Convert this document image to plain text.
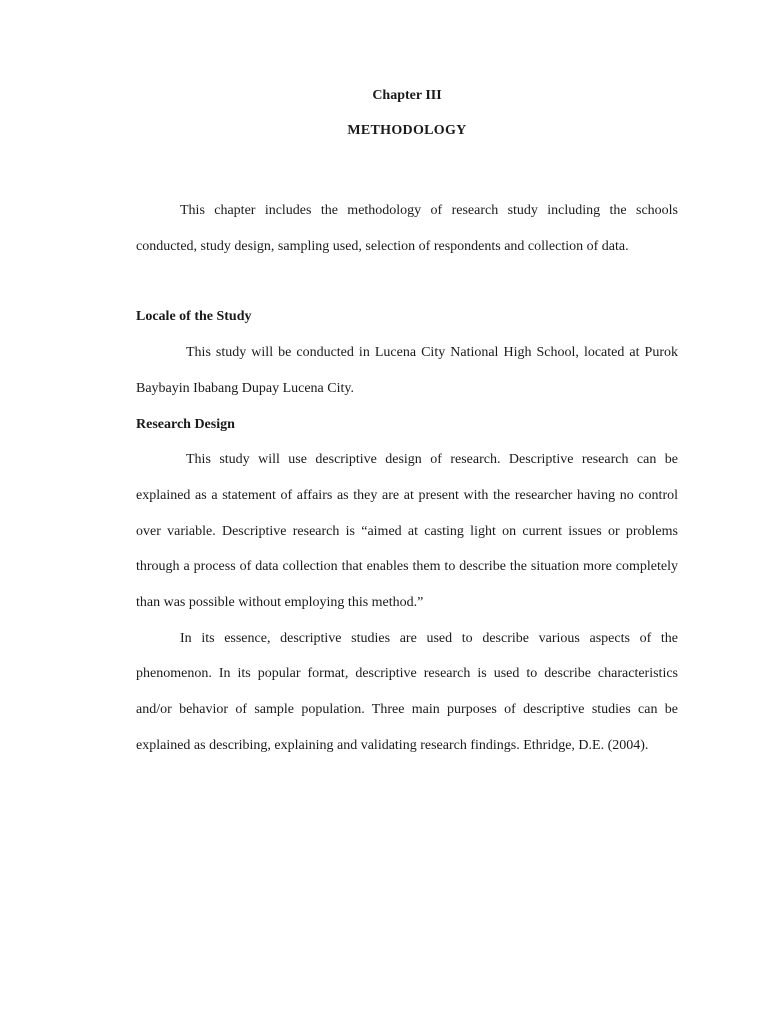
Chapter III
METHODOLOGY

This chapter includes the methodology of research study including the schools conducted, study design, sampling used, selection of respondents and collection of data.

Locale of the Study

This study will be conducted in Lucena City National High School, located at Purok Baybayin Ibabang Dupay Lucena City.

Research Design

This study will use descriptive design of research. Descriptive research can be explained as a statement of affairs as they are at present with the researcher having no control over variable. Descriptive research is “aimed at casting light on current issues or problems through a process of data collection that enables them to describe the situation more completely than was possible without employing this method.”

In its essence, descriptive studies are used to describe various aspects of the phenomenon. In its popular format, descriptive research is used to describe characteristics and/or behavior of sample population. Three main purposes of descriptive studies can be explained as describing, explaining and validating research findings. Ethridge, D.E. (2004).
